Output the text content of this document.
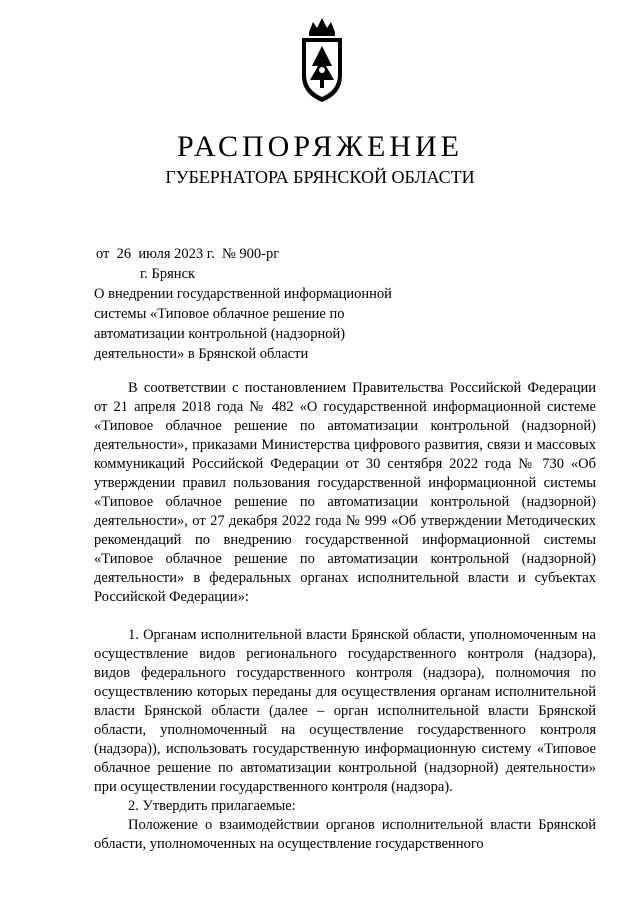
РАСПОРЯЖЕНИЕ
ГУБЕРНАТОРА БРЯНСКОЙ ОБЛАСТИ
от  26  июля 2023 г.  № 900-рг
г. Брянск
О внедрении государственной информационной системы «Типовое облачное решение по автоматизации контрольной (надзорной) деятельности» в Брянской области

В соответствии с постановлением Правительства Российской Федерации от 21 апреля 2018 года № 482 «О государственной информационной системе «Типовое облачное решение по автоматизации контрольной (надзорной) деятельности», приказами Министерства цифрового развития, связи и массовых коммуникаций Российской Федерации от 30 сентября 2022 года № 730 «Об утверждении правил пользования государственной информационной системы «Типовое облачное решение по автоматизации контрольной (надзорной) деятельности», от 27 декабря 2022 года № 999 «Об утверждении Методических рекомендаций по внедрению государственной информационной системы «Типовое облачное решение по автоматизации контрольной (надзорной) деятельности» в федеральных органах исполнительной власти и субъектах Российской Федерации»:

1. Органам исполнительной власти Брянской области, уполномоченным на осуществление видов регионального государственного контроля (надзора), видов федерального государственного контроля (надзора), полномочия по осуществлению которых переданы для осуществления органам исполнительной власти Брянской области (далее – орган исполнительной власти Брянской области, уполномоченный на осуществление государственного контроля (надзора)), использовать государственную информационную систему «Типовое облачное решение по автоматизации контрольной (надзорной) деятельности» при осуществлении государственного контроля (надзора).

2. Утвердить прилагаемые:

Положение о взаимодействии органов исполнительной власти Брянской области, уполномоченных на осуществление государственного
